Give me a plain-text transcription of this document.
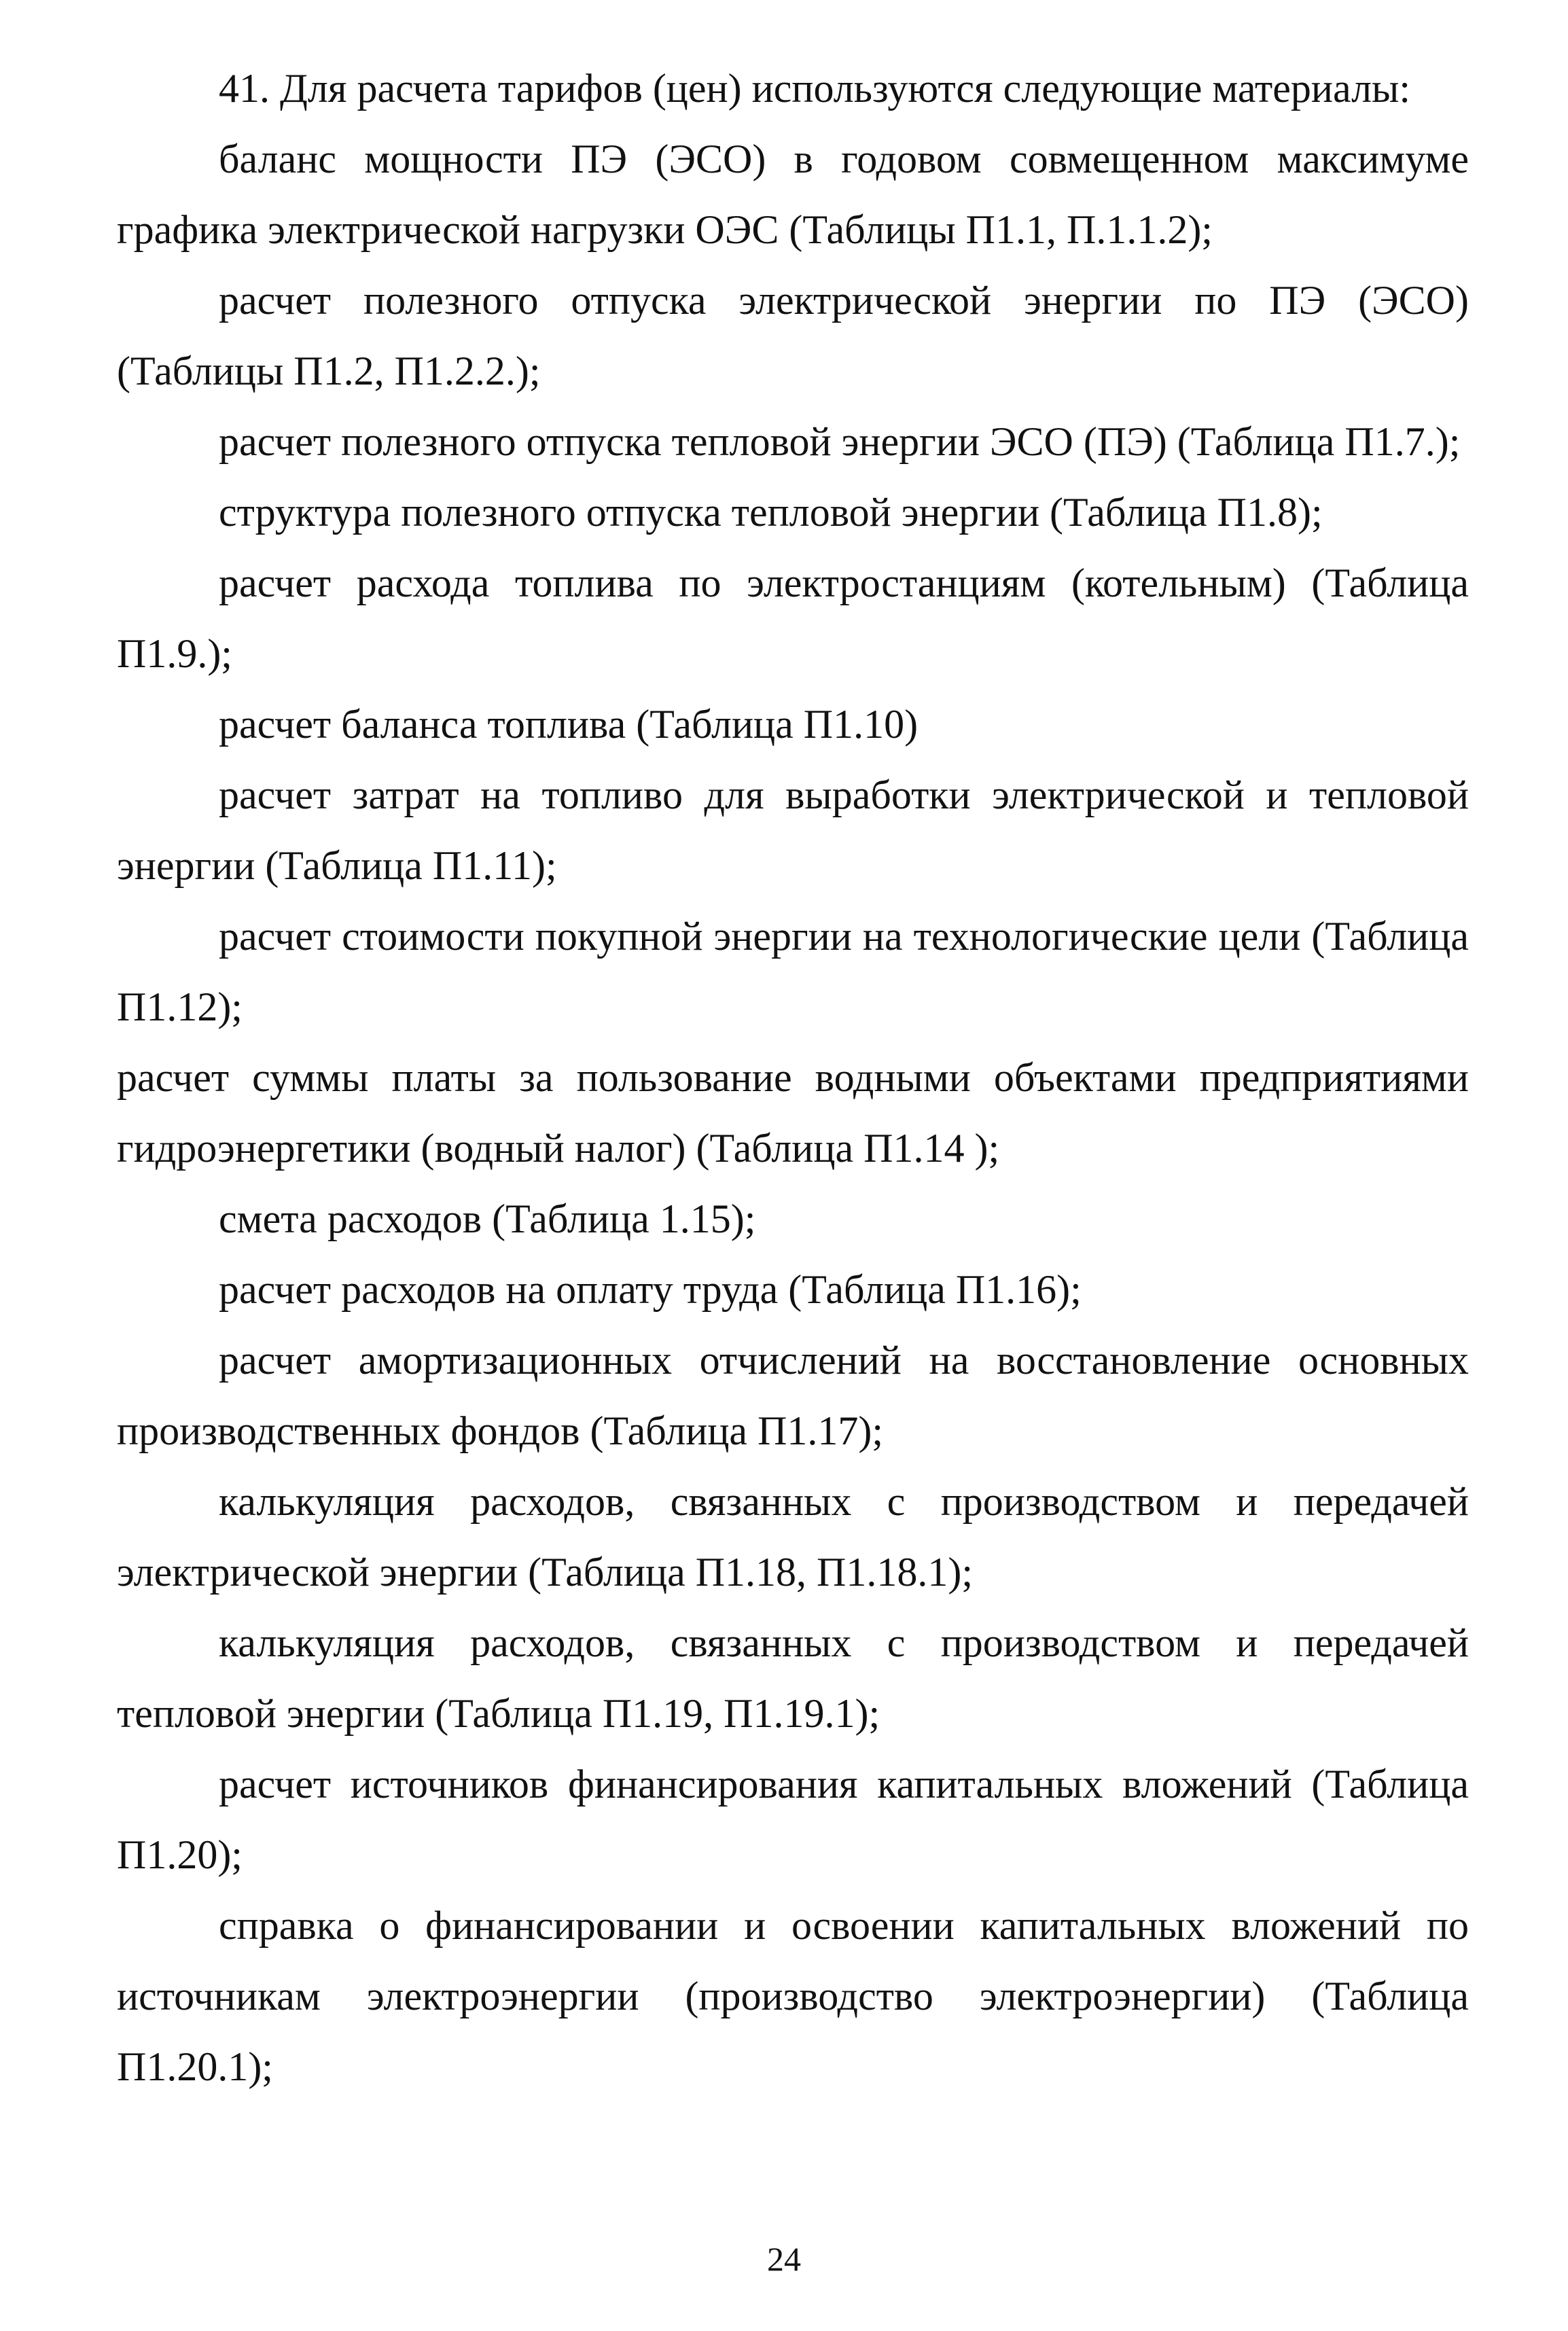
41. Для расчета тарифов (цен) используются следующие материалы:

баланс мощности ПЭ (ЭСО) в годовом совмещенном максимуме графика электрической нагрузки ОЭС (Таблицы П1.1, П.1.1.2);

расчет полезного отпуска электрической энергии по ПЭ (ЭСО) (Таблицы П1.2, П1.2.2.);

расчет полезного отпуска тепловой энергии ЭСО (ПЭ) (Таблица П1.7.);

структура полезного отпуска тепловой энергии (Таблица П1.8);

расчет расхода топлива по электростанциям (котельным) (Таблица П1.9.);

расчет баланса топлива (Таблица П1.10)

расчет затрат на топливо для выработки электрической и тепловой энергии (Таблица П1.11);

расчет стоимости покупной энергии на технологические цели (Таблица П1.12);

расчет суммы платы за пользование водными объектами предприятиями гидроэнергетики (водный налог) (Таблица П1.14 );

смета расходов (Таблица 1.15);

расчет расходов на оплату труда (Таблица П1.16);

расчет амортизационных отчислений на восстановление основных производственных фондов (Таблица П1.17);

калькуляция расходов, связанных с производством и передачей электрической энергии (Таблица П1.18, П1.18.1);

калькуляция расходов, связанных с производством и передачей тепловой энергии (Таблица П1.19, П1.19.1);

расчет источников финансирования капитальных вложений (Таблица П1.20);

справка о финансировании и освоении капитальных вложений по источникам электроэнергии (производство электроэнергии) (Таблица П1.20.1);

24
